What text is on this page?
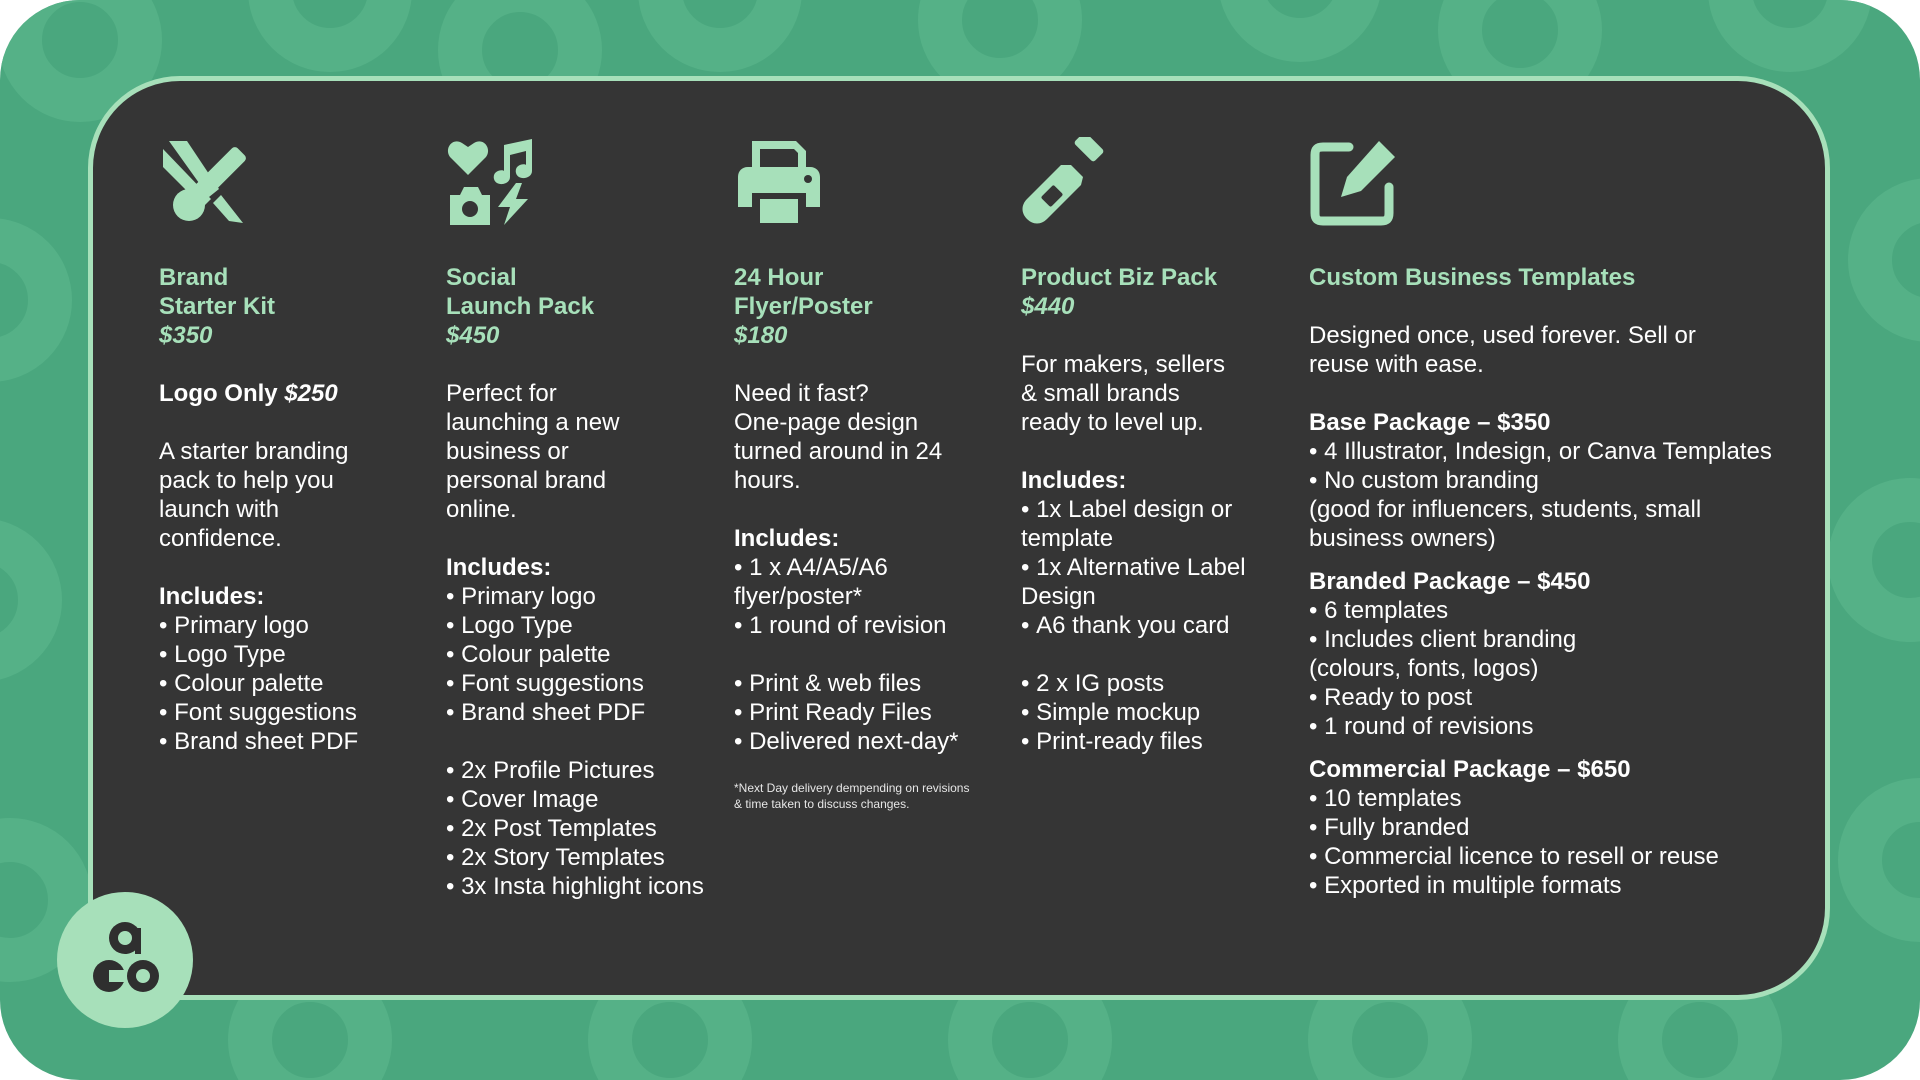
Brand
Starter Kit
$350
Logo Only $250
A starter branding
pack to help you
launch with
confidence.
Includes:
• Primary logo
• Logo Type
• Colour palette
• Font suggestions
• Brand sheet PDF
Social
Launch Pack
$450
Perfect for
launching a new
business or
personal brand
online.
Includes:
• Primary logo
• Logo Type
• Colour palette
• Font suggestions
• Brand sheet PDF
• 2x Profile Pictures
• Cover Image
• 2x Post Templates
• 2x Story Templates
• 3x Insta highlight icons
24 Hour
Flyer/Poster
$180
Need it fast?
One-page design
turned around in 24
hours.
Includes:
• 1 x A4/A5/A6 flyer/poster*
• 1 round of revision
• Print & web files
• Print Ready Files
• Delivered next-day*
*Next Day delivery dempending on revisions & time taken to discuss changes.
Product Biz Pack
$440
For makers, sellers
& small brands
ready to level up.
Includes:
• 1x Label design or template
• 1x Alternative Label Design
• A6 thank you card
• 2 x IG posts
• Simple mockup
• Print-ready files
Custom Business Templates
Designed once, used forever. Sell or
reuse with ease.
Base Package – $350
• 4 Illustrator, Indesign, or Canva Templates
• No custom branding
(good for influencers, students, small business owners)
Branded Package – $450
• 6 templates
• Includes client branding
(colours, fonts, logos)
• Ready to post
• 1 round of revisions
Commercial Package – $650
• 10 templates
• Fully branded
• Commercial licence to resell or reuse
• Exported in multiple formats
